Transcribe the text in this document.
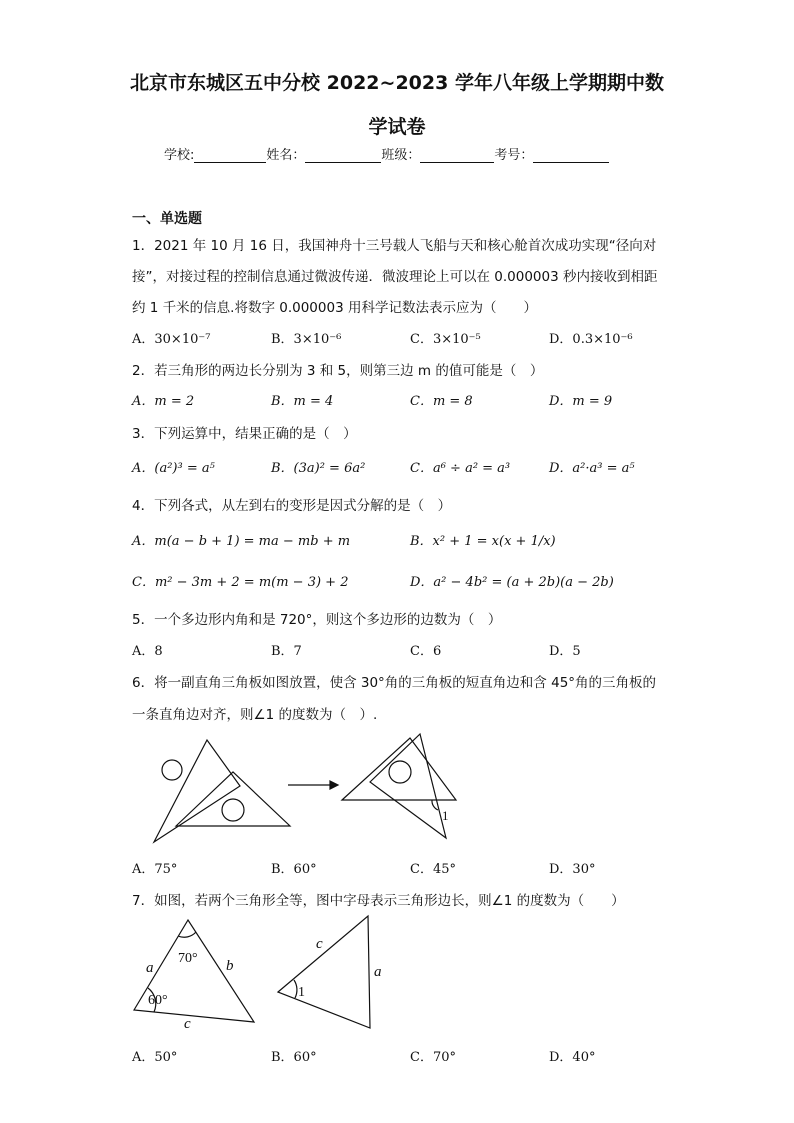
北京市东城区五中分校 2022~2023 学年八年级上学期期中数
学试卷
学校:	姓名：	班级：	考号：
一、单选题
1．2021 年 10 月 16 日，我国神舟十三号载人飞船与天和核心舱首次成功实现“径向对
接”，对接过程的控制信息通过微波传递．微波理论上可以在 0.000003 秒内接收到相距
约 1 千米的信息.将数字 0.000003 用科学记数法表示应为（　　）
A．30×10⁻⁷	B．3×10⁻⁶	C．3×10⁻⁵	D．0.3×10⁻⁶
2．若三角形的两边长分别为 3 和 5，则第三边 m 的值可能是（　）
A．m = 2	B．m = 4	C．m = 8	D．m = 9
3．下列运算中，结果正确的是（　）
A．(a²)³ = a⁵	B．(3a)² = 6a²	C．a⁶ ÷ a² = a³	D．a²·a³ = a⁵
4．下列各式，从左到右的变形是因式分解的是（　）
A．m(a − b + 1) = ma − mb + m	B．x² + 1 = x(x + 1/x)
C．m² − 3m + 2 = m(m − 3) + 2	D．a² − 4b² = (a + 2b)(a − 2b)
5．一个多边形内角和是 720°，则这个多边形的边数为（　）
A．8	B．7	C．6	D．5
6．将一副直角三角板如图放置，使含 30°角的三角板的短直角边和含 45°角的三角板的
一条直角边对齐，则∠1 的度数为（　）.
1
A．75°	B．60°	C．45°	D．30°
7．如图，若两个三角形全等，图中字母表示三角形边长，则∠1 的度数为（　　）
70°
60°
a	b
c
c
a
1
A．50°	B．60°	C．70°	D．40°
